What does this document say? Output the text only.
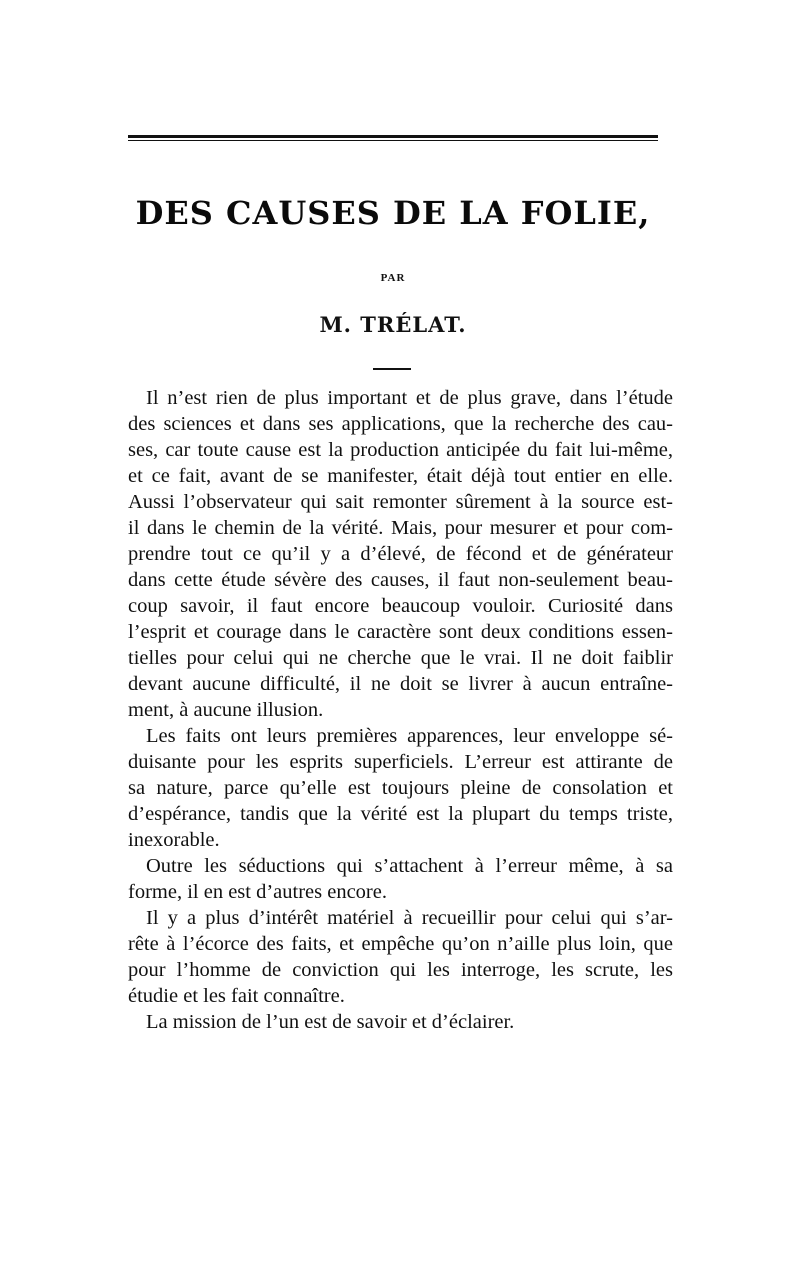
DES CAUSES DE LA FOLIE,
PAR
M. TRÉLAT.
Il n’est rien de plus important et de plus grave, dans l’étude
des sciences et dans ses applications, que la recherche des cau-
ses, car toute cause est la production anticipée du fait lui-même,
et ce fait, avant de se manifester, était déjà tout entier en elle.
Aussi l’observateur qui sait remonter sûrement à la source est-
il dans le chemin de la vérité. Mais, pour mesurer et pour com-
prendre tout ce qu’il y a d’élevé, de fécond et de générateur
dans cette étude sévère des causes, il faut non-seulement beau-
coup savoir, il faut encore beaucoup vouloir. Curiosité dans
l’esprit et courage dans le caractère sont deux conditions essen-
tielles pour celui qui ne cherche que le vrai. Il ne doit faiblir
devant aucune difficulté, il ne doit se livrer à aucun entraîne-
ment, à aucune illusion.
Les faits ont leurs premières apparences, leur enveloppe sé-
duisante pour les esprits superficiels. L’erreur est attirante de
sa nature, parce qu’elle est toujours pleine de consolation et
d’espérance, tandis que la vérité est la plupart du temps triste,
inexorable.
Outre les séductions qui s’attachent à l’erreur même, à sa
forme, il en est d’autres encore.
Il y a plus d’intérêt matériel à recueillir pour celui qui s’ar-
rête à l’écorce des faits, et empêche qu’on n’aille plus loin, que
pour l’homme de conviction qui les interroge, les scrute, les
étudie et les fait connaître.
La mission de l’un est de savoir et d’éclairer.
